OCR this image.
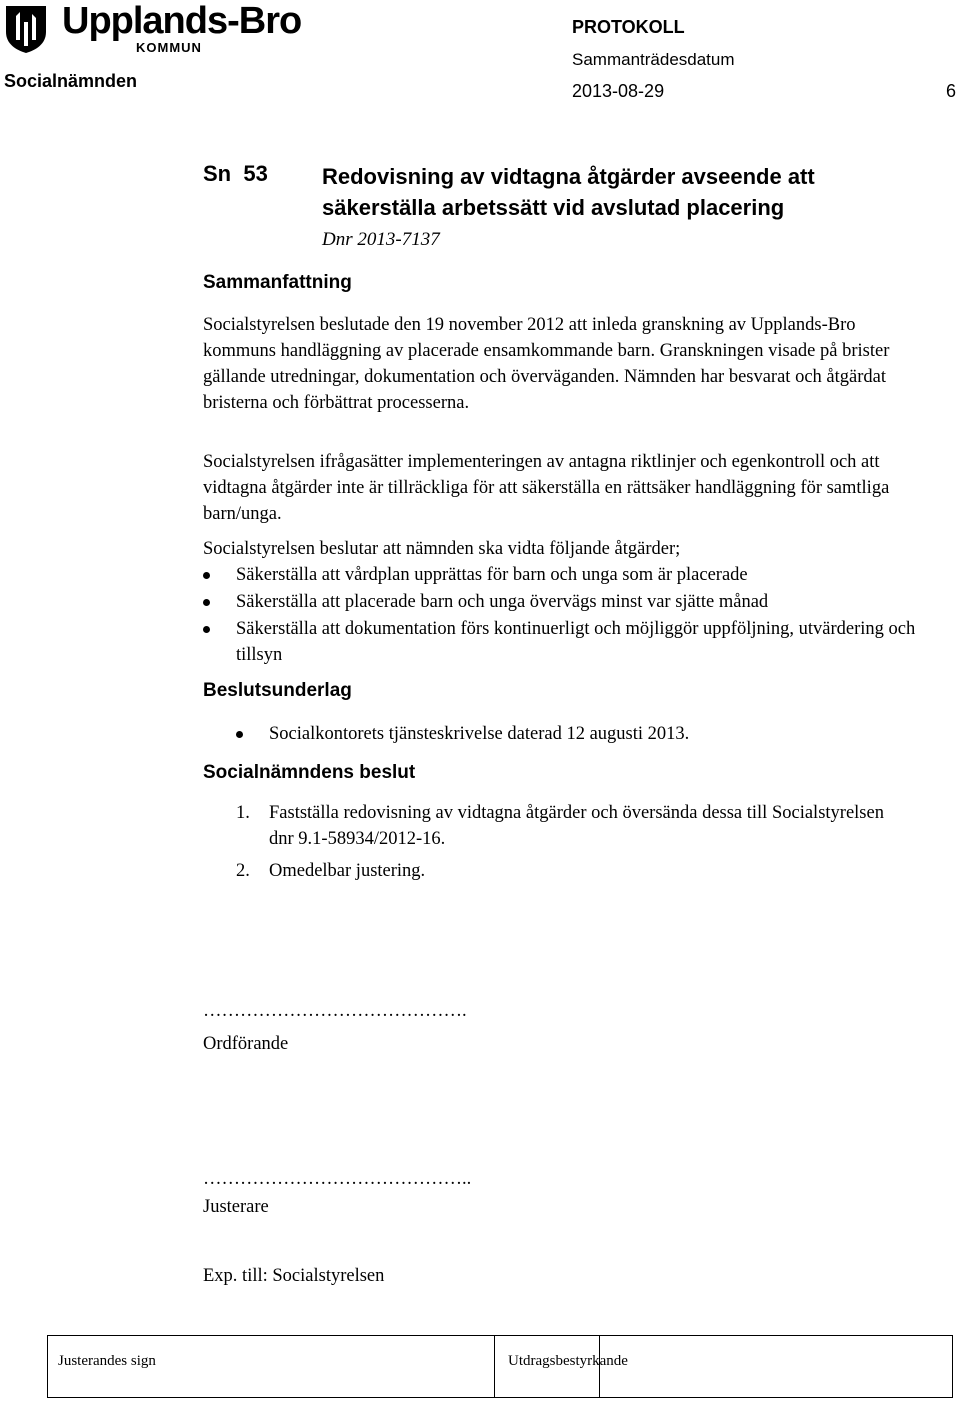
Upplands-Bro
KOMMUN
Socialnämnden
PROTOKOLL
Sammanträdesdatum
2013-08-29	6
Sn  53 Redovisning av vidtagna åtgärder avseende att säkerställa arbetssätt vid avslutad placering
Dnr 2013-7137
Sammanfattning
Socialstyrelsen beslutade den 19 november 2012 att inleda granskning av Upplands-Bro kommuns handläggning av placerade ensamkommande barn. Granskningen visade på brister gällande utredningar, dokumentation och överväganden. Nämnden har besvarat och åtgärdat bristerna och förbättrat processerna.
Socialstyrelsen ifrågasätter implementeringen av antagna riktlinjer och egenkontroll och att vidtagna åtgärder inte är tillräckliga för att säkerställa en rättsäker handläggning för samtliga barn/unga.
Socialstyrelsen beslutar att nämnden ska vidta följande åtgärder;
Säkerställa att vårdplan upprättas för barn och unga som är placerade
Säkerställa att placerade barn och unga övervägs minst var sjätte månad
Säkerställa att dokumentation förs kontinuerligt och möjliggör uppföljning, utvärdering och tillsyn
Beslutsunderlag
Socialkontorets tjänsteskrivelse daterad 12 augusti 2013.
Socialnämndens beslut
1. Fastställa redovisning av vidtagna åtgärder och översända dessa till Socialstyrelsen dnr 9.1-58934/2012-16.
2. Omedelbar justering.
…………………………………….
Ordförande
……………………………………..
Justerare
Exp. till: Socialstyrelsen
Justerandes sign	Utdragsbestyrkande
